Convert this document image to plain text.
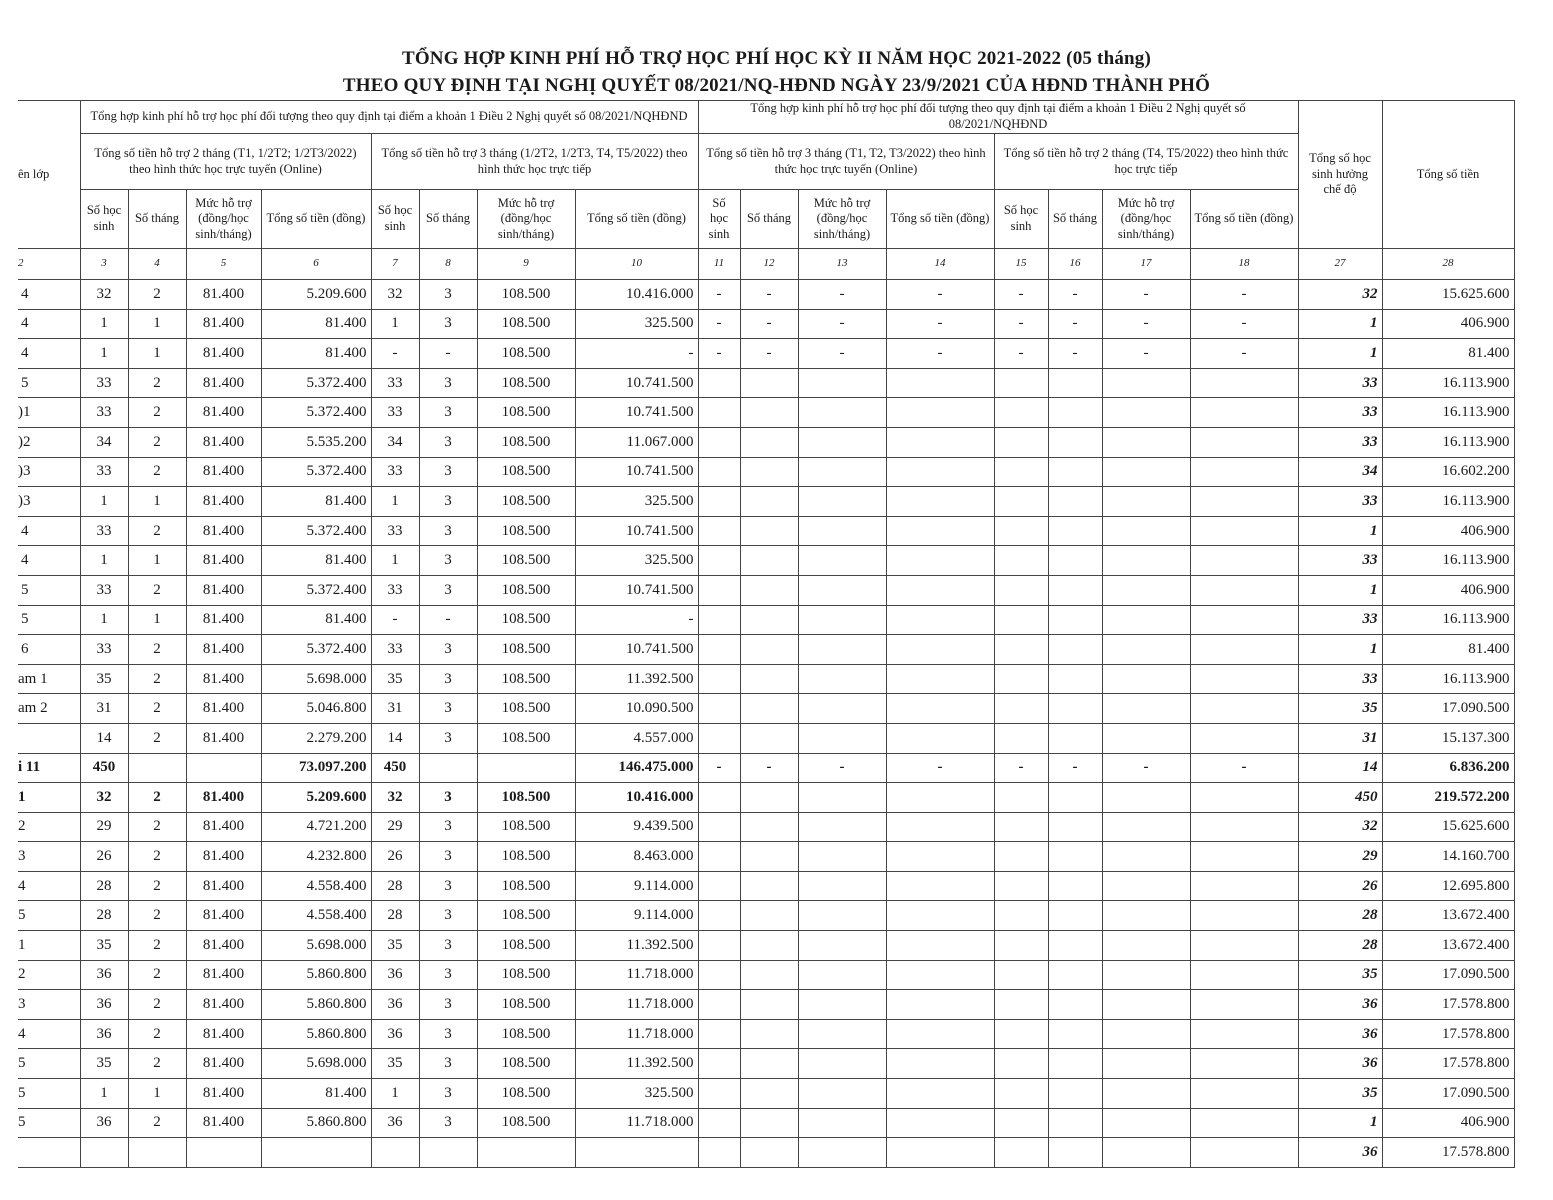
TỔNG HỢP KINH PHÍ HỖ TRỢ HỌC PHÍ HỌC KỲ II NĂM HỌC 2021-2022 (05 tháng)
THEO QUY ĐỊNH TẠI NGHỊ QUYẾT 08/2021/NQ-HĐND NGÀY 23/9/2021 CỦA HĐND THÀNH PHỐ
ên lớp	Tổng hợp kinh phí hỗ trợ học phí đối tượng theo quy định tại điểm a khoản 1 Điều 2 Nghị quyết số 08/2021/NQHĐND								Tổng hợp kinh phí hỗ trợ học phí đối tượng theo quy định tại điểm a khoản 1 Điều 2 Nghị quyết số 08/2021/NQHĐND								Tổng số học sinh hưởng chế độ	Tổng số tiền
	Tổng số tiền hỗ trợ 2 tháng (T1, 1/2T2; 1/2T3/2022) theo hình thức học trực tuyến (Online)				Tổng số tiền hỗ trợ 3 tháng (1/2T2, 1/2T3, T4, T5/2022) theo hình thức học trực tiếp				Tổng số tiền hỗ trợ 3 tháng (T1, T2, T3/2022) theo hình thức học trực tuyến (Online)				Tổng số tiền hỗ trợ 2 tháng (T4, T5/2022) theo hình thức học trực tiếp					
	Số học sinh	Số tháng	Mức hỗ trợ (đồng/học sinh/tháng)	Tổng số tiền (đồng)	Số học sinh	Số tháng	Mức hỗ trợ (đồng/học sinh/tháng)	Tổng số tiền (đồng)	Số học sinh	Số tháng	Mức hỗ trợ (đồng/học sinh/tháng)	Tổng số tiền (đồng)	Số học sinh	Số tháng	Mức hỗ trợ (đồng/học sinh/tháng)	Tổng số tiền (đồng)		
2	3	4	5	6	7	8	9	10	11	12	13	14	15	16	17	18	27	28
 4	32	2	81.400	5.209.600	32	3	108.500	10.416.000	-	-	-	-	-	-	-	-	32	15.625.600
 4	1	1	81.400	81.400	1	3	108.500	325.500	-	-	-	-	-	-	-	-	1	406.900
 4	1	1	81.400	81.400	-	-	108.500	-	-	-	-	-	-	-	-	-	1	81.400
 5	33	2	81.400	5.372.400	33	3	108.500	10.741.500									33	16.113.900
)1	33	2	81.400	5.372.400	33	3	108.500	10.741.500									33	16.113.900
)2	34	2	81.400	5.535.200	34	3	108.500	11.067.000									33	16.113.900
)3	33	2	81.400	5.372.400	33	3	108.500	10.741.500									34	16.602.200
)3	1	1	81.400	81.400	1	3	108.500	325.500									33	16.113.900
 4	33	2	81.400	5.372.400	33	3	108.500	10.741.500									1	406.900
 4	1	1	81.400	81.400	1	3	108.500	325.500									33	16.113.900
 5	33	2	81.400	5.372.400	33	3	108.500	10.741.500									1	406.900
 5	1	1	81.400	81.400	-	-	108.500	-									33	16.113.900
 6	33	2	81.400	5.372.400	33	3	108.500	10.741.500									1	81.400
am 1	35	2	81.400	5.698.000	35	3	108.500	11.392.500									33	16.113.900
am 2	31	2	81.400	5.046.800	31	3	108.500	10.090.500									35	17.090.500
	14	2	81.400	2.279.200	14	3	108.500	4.557.000									31	15.137.300
i 11	450			73.097.200	450			146.475.000	-	-	-	-	-	-	-	-	14	6.836.200
1	32	2	81.400	5.209.600	32	3	108.500	10.416.000									450	219.572.200
2	29	2	81.400	4.721.200	29	3	108.500	9.439.500									32	15.625.600
3	26	2	81.400	4.232.800	26	3	108.500	8.463.000									29	14.160.700
4	28	2	81.400	4.558.400	28	3	108.500	9.114.000									26	12.695.800
5	28	2	81.400	4.558.400	28	3	108.500	9.114.000									28	13.672.400
1	35	2	81.400	5.698.000	35	3	108.500	11.392.500									28	13.672.400
2	36	2	81.400	5.860.800	36	3	108.500	11.718.000									35	17.090.500
3	36	2	81.400	5.860.800	36	3	108.500	11.718.000									36	17.578.800
4	36	2	81.400	5.860.800	36	3	108.500	11.718.000									36	17.578.800
5	35	2	81.400	5.698.000	35	3	108.500	11.392.500									36	17.578.800
5	1	1	81.400	81.400	1	3	108.500	325.500									35	17.090.500
5	36	2	81.400	5.860.800	36	3	108.500	11.718.000									1	406.900
																	36	17.578.800
